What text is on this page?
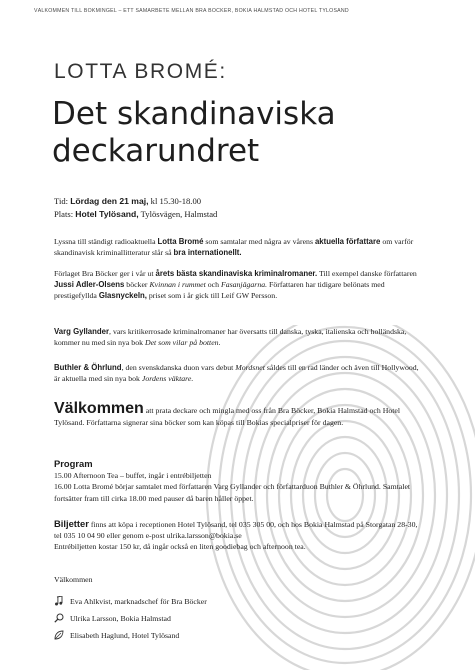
VÄLKOMMEN TILL BOKMINGEL – ETT SAMARBETE MELLAN BRA BÖCKER, BOKIA HALMSTAD OCH HOTEL TYLÖSAND
LOTTA BROMÉ:
Det skandinaviska
deckarundret
Tid: Lördag den 21 maj, kl 15.30-18.00
Plats: Hotel Tylösand, Tylösvägen, Halmstad

Lyssna till ständigt radioaktuella Lotta Bromé som samtalar med några av vårens aktuella författare om varför skandinavisk kriminallitteratur slår så bra internationellt.

Förlaget Bra Böcker ger i vår ut årets bästa skandinaviska kriminalromaner. Till exempel danske författaren Jussi Adler-Olsens böcker Kvinnan i rummet och Fasanjägarna. Författaren har tidigare belönats med prestigefyllda Glasnyckeln, priset som i år gick till Leif GW Persson.

Varg Gyllander, vars kritikerrosade kriminalromaner har översatts till danska, tyska, italienska och holländska, kommer nu med sin nya bok Det som vilar på botten.

Buthler & Öhrlund, den svenskdanska duon vars debut Mordsnet såldes till en rad länder och även till Hollywood, är aktuella med sin nya bok Jordens väktare.

Välkommen att prata deckare och mingla med oss från Bra Böcker, Bokia Halmstad och Hotel Tylösand. Författarna signerar sina böcker som kan köpas till Bokias specialpriser för dagen.

Program
15.00 Afternoon Tea – buffet, ingår i entrébiljetten
16.00 Lotta Bromé börjar samtalet med författaren Varg Gyllander och författarduon Buthler & Öhrlund. Samtalet fortsätter fram till cirka 18.00 med pauser då baren håller öppet.

Biljetter finns att köpa i receptionen Hotel Tylösand, tel 035 305 00, och hos Bokia Halmstad på Storgatan 28-30, tel 035 10 04 90 eller genom e-post ulrika.larsson@bokia.se
Entrébiljetten kostar 150 kr, då ingår också en liten goodiebag och afternoon tea.

Välkommen
Eva Ahlkvist, marknadschef för Bra Böcker
Ulrika Larsson, Bokia Halmstad
Elisabeth Haglund, Hotel Tylösand
